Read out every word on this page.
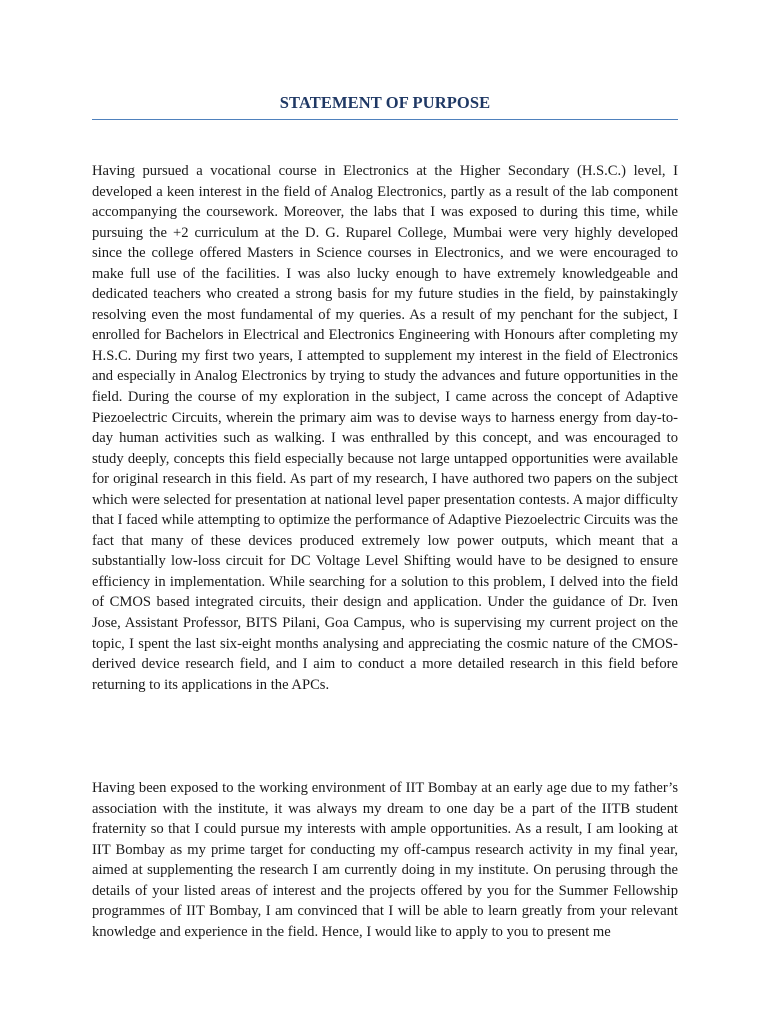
STATEMENT OF PURPOSE

Having pursued a vocational course in Electronics at the Higher Secondary (H.S.C.) level, I developed a keen interest in the field of Analog Electronics, partly as a result of the lab component accompanying the coursework. Moreover, the labs that I was exposed to during this time, while pursuing the +2 curriculum at the D. G. Ruparel College, Mumbai were very highly developed since the college offered Masters in Science courses in Electronics, and we were encouraged to make full use of the facilities. I was also lucky enough to have extremely knowledgeable and dedicated teachers who created a strong basis for my future studies in the field, by painstakingly resolving even the most fundamental of my queries. As a result of my penchant for the subject, I enrolled for Bachelors in Electrical and Electronics Engineering with Honours after completing my H.S.C. During my first two years, I attempted to supplement my interest in the field of Electronics and especially in Analog Electronics by trying to study the advances and future opportunities in the field. During the course of my exploration in the subject, I came across the concept of Adaptive Piezoelectric Circuits, wherein the primary aim was to devise ways to harness energy from day-to-day human activities such as walking. I was enthralled by this concept, and was encouraged to study deeply, concepts this field especially because not large untapped opportunities were available for original research in this field. As part of my research, I have authored two papers on the subject which were selected for presentation at national level paper presentation contests. A major difficulty that I faced while attempting to optimize the performance of Adaptive Piezoelectric Circuits was the fact that many of these devices produced extremely low power outputs, which meant that a substantially low-loss circuit for DC Voltage Level Shifting would have to be designed to ensure efficiency in implementation. While searching for a solution to this problem, I delved into the field of CMOS based integrated circuits, their design and application. Under the guidance of Dr. Iven Jose, Assistant Professor, BITS Pilani, Goa Campus, who is supervising my current project on the topic, I spent the last six-eight months analysing and appreciating the cosmic nature of the CMOS-derived device research field, and I aim to conduct a more detailed research in this field before returning to its applications in the APCs.

Having been exposed to the working environment of IIT Bombay at an early age due to my father’s association with the institute, it was always my dream to one day be a part of the IITB student fraternity so that I could pursue my interests with ample opportunities. As a result, I am looking at IIT Bombay as my prime target for conducting my off-campus research activity in my final year, aimed at supplementing the research I am currently doing in my institute. On perusing through the details of your listed areas of interest and the projects offered by you for the Summer Fellowship programmes of IIT Bombay, I am convinced that I will be able to learn greatly from your relevant knowledge and experience in the field. Hence, I would like to apply to you to present me
